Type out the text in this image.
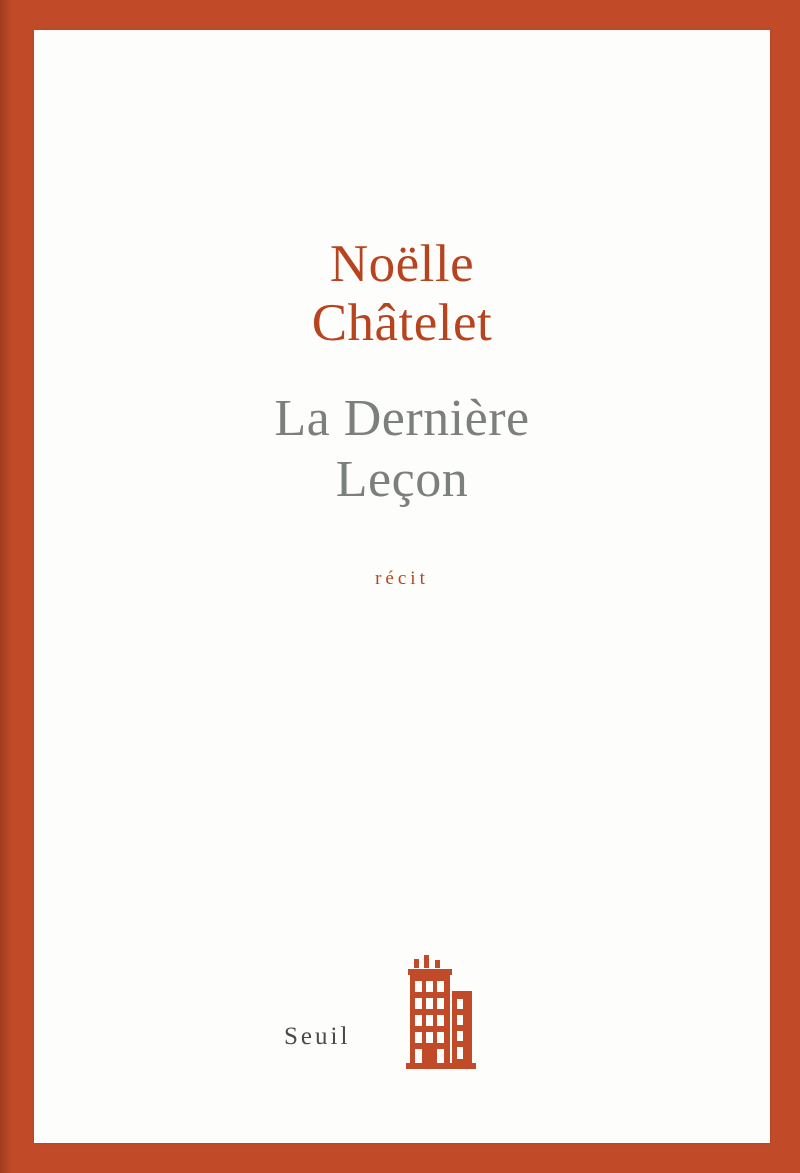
Noëlle
Châtelet
La Dernière
Leçon
récit
Seuil
